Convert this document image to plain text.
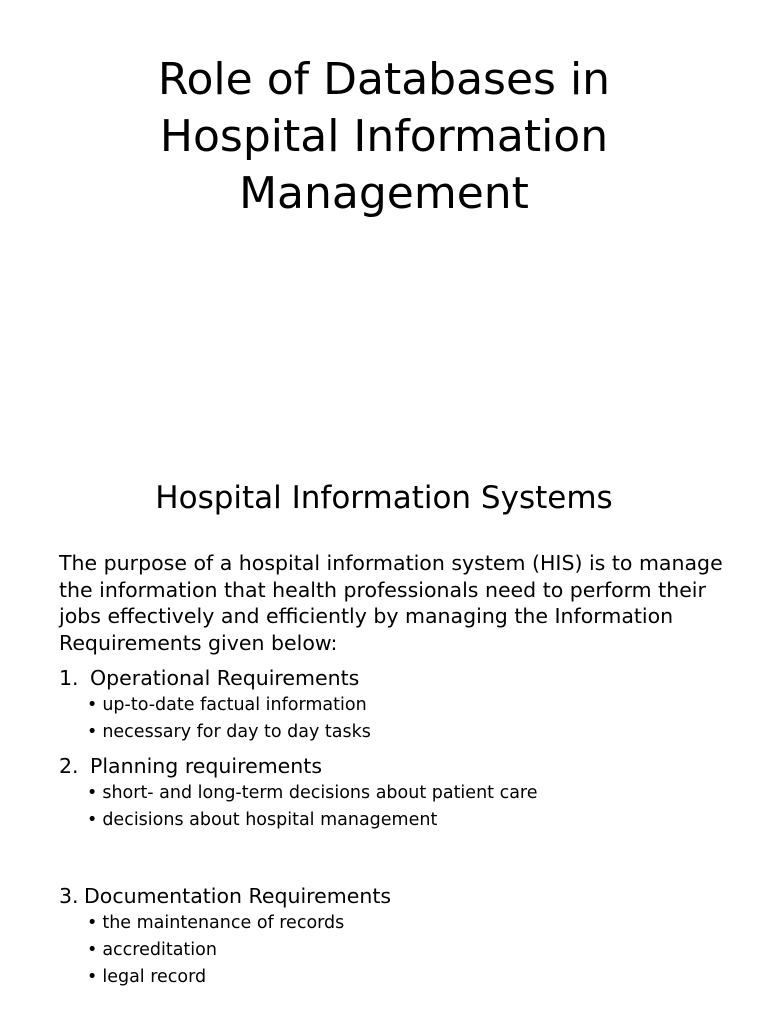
Role of Databases in
Hospital Information
Management
Hospital Information Systems

The purpose of a hospital information system (HIS) is to manage the information that health professionals need to perform their jobs effectively and efficiently by managing the Information Requirements given below:

1. Operational Requirements
• up-to-date factual information
• necessary for day to day tasks
2. Planning requirements
• short- and long-term decisions about patient care
• decisions about hospital management
3. Documentation Requirements
• the maintenance of records
• accreditation
• legal record
